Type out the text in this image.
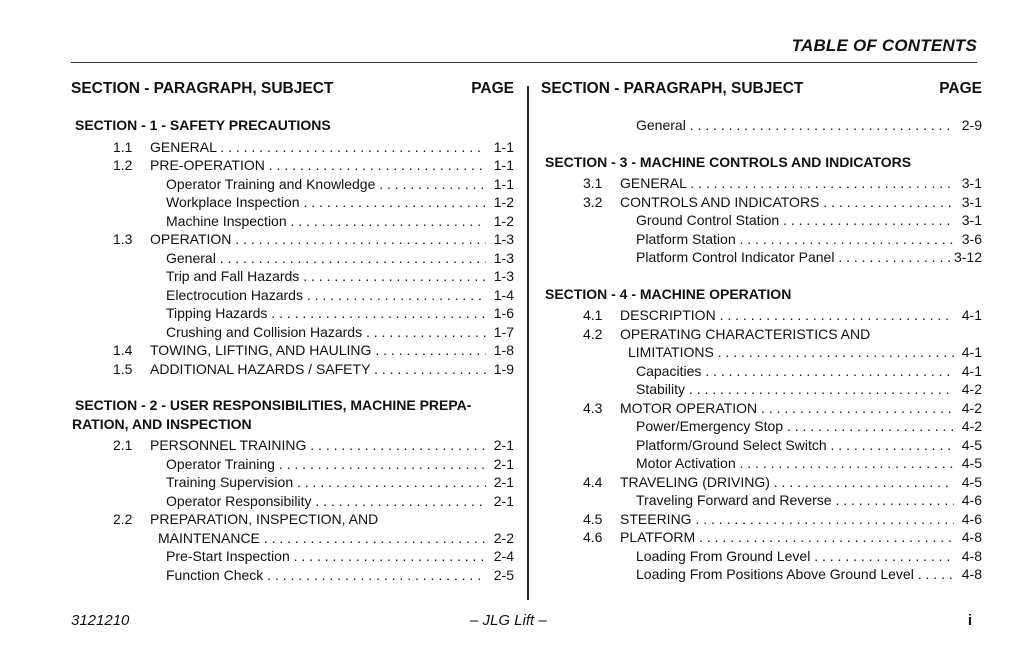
TABLE OF CONTENTS
SECTION - PARAGRAPH, SUBJECT	PAGE
SECTION - 1 - SAFETY PRECAUTIONS
1.1 GENERAL . . .	1-1
1.2 PRE-OPERATION . . .	1-1
Operator Training and Knowledge . . .	1-1
Workplace Inspection . . .	1-2
Machine Inspection . . .	1-2
1.3 OPERATION . . .	1-3
General . . .	1-3
Trip and Fall Hazards . . .	1-3
Electrocution Hazards . . .	1-4
Tipping Hazards . . .	1-6
Crushing and Collision Hazards . . .	1-7
1.4 TOWING, LIFTING, AND HAULING . . .	1-8
1.5 ADDITIONAL HAZARDS / SAFETY . . .	1-9
SECTION - 2 - USER RESPONSIBILITIES, MACHINE PREPA-
RATION, AND INSPECTION
2.1 PERSONNEL TRAINING . . .	2-1
Operator Training . . .	2-1
Training Supervision . . .	2-1
Operator Responsibility . . .	2-1
2.2 PREPARATION, INSPECTION, AND
MAINTENANCE . . .	2-2
Pre-Start Inspection . . .	2-4
Function Check . . .	2-5
SECTION - PARAGRAPH, SUBJECT	PAGE
General . . .	2-9
SECTION - 3 - MACHINE CONTROLS AND INDICATORS
3.1 GENERAL . . .	3-1
3.2 CONTROLS AND INDICATORS . . .	3-1
Ground Control Station . . .	3-1
Platform Station . . .	3-6
Platform Control Indicator Panel . . .	3-12
SECTION - 4 - MACHINE OPERATION
4.1 DESCRIPTION . . .	4-1
4.2 OPERATING CHARACTERISTICS AND
LIMITATIONS . . .	4-1
Capacities . . .	4-1
Stability . . .	4-2
4.3 MOTOR OPERATION . . .	4-2
Power/Emergency Stop . . .	4-2
Platform/Ground Select Switch . . .	4-5
Motor Activation . . .	4-5
4.4 TRAVELING (DRIVING) . . .	4-5
Traveling Forward and Reverse . . .	4-6
4.5 STEERING . . .	4-6
4.6 PLATFORM . . .	4-8
Loading From Ground Level . . .	4-8
Loading From Positions Above Ground Level . . .	4-8
3121210	– JLG Lift –	i
